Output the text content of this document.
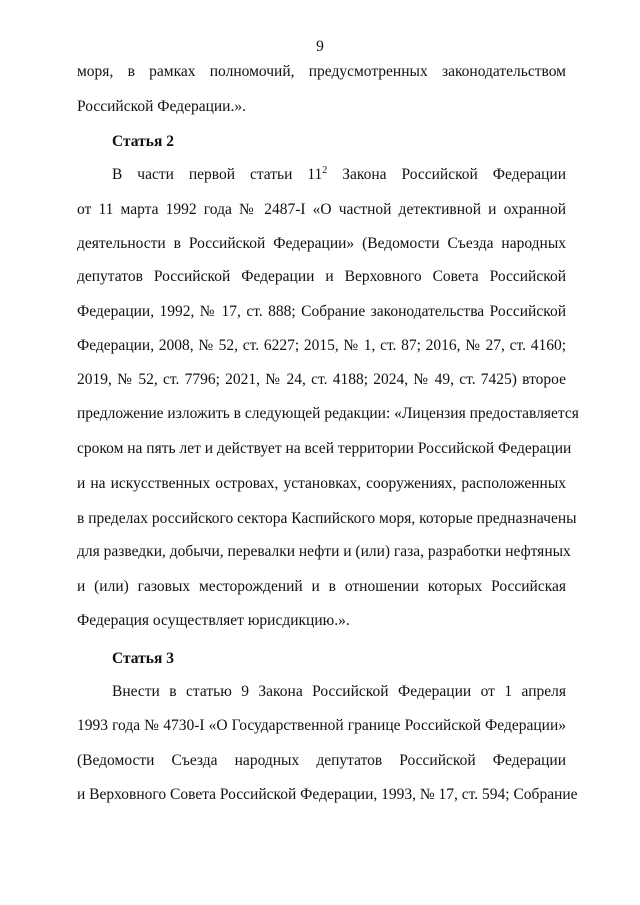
9
моря, в рамках полномочий, предусмотренных законодательством
Российской Федерации.».
Статья 2
В части первой статьи $11^2$ Закона Российской Федерации
от 11 марта 1992 года № 2487-I «О частной детективной и охранной
деятельности в Российской Федерации» (Ведомости Съезда народных
депутатов Российской Федерации и Верховного Совета Российской
Федерации, 1992, № 17, ст. 888; Собрание законодательства Российской
Федерации, 2008, № 52, ст. 6227; 2015, № 1, ст. 87; 2016, № 27, ст. 4160;
2019, № 52, ст. 7796; 2021, № 24, ст. 4188; 2024, № 49, ст. 7425) второе
предложение изложить в следующей редакции: «Лицензия предоставляется
сроком на пять лет и действует на всей территории Российской Федерации
и на искусственных островах, установках, сооружениях, расположенных
в пределах российского сектора Каспийского моря, которые предназначены
для разведки, добычи, перевалки нефти и (или) газа, разработки нефтяных
и (или) газовых месторождений и в отношении которых Российская
Федерация осуществляет юрисдикцию.».
Статья 3
Внести в статью 9 Закона Российской Федерации от 1 апреля
1993 года № 4730-I «О Государственной границе Российской Федерации»
(Ведомости Съезда народных депутатов Российской Федерации
и Верховного Совета Российской Федерации, 1993, № 17, ст. 594; Собрание
